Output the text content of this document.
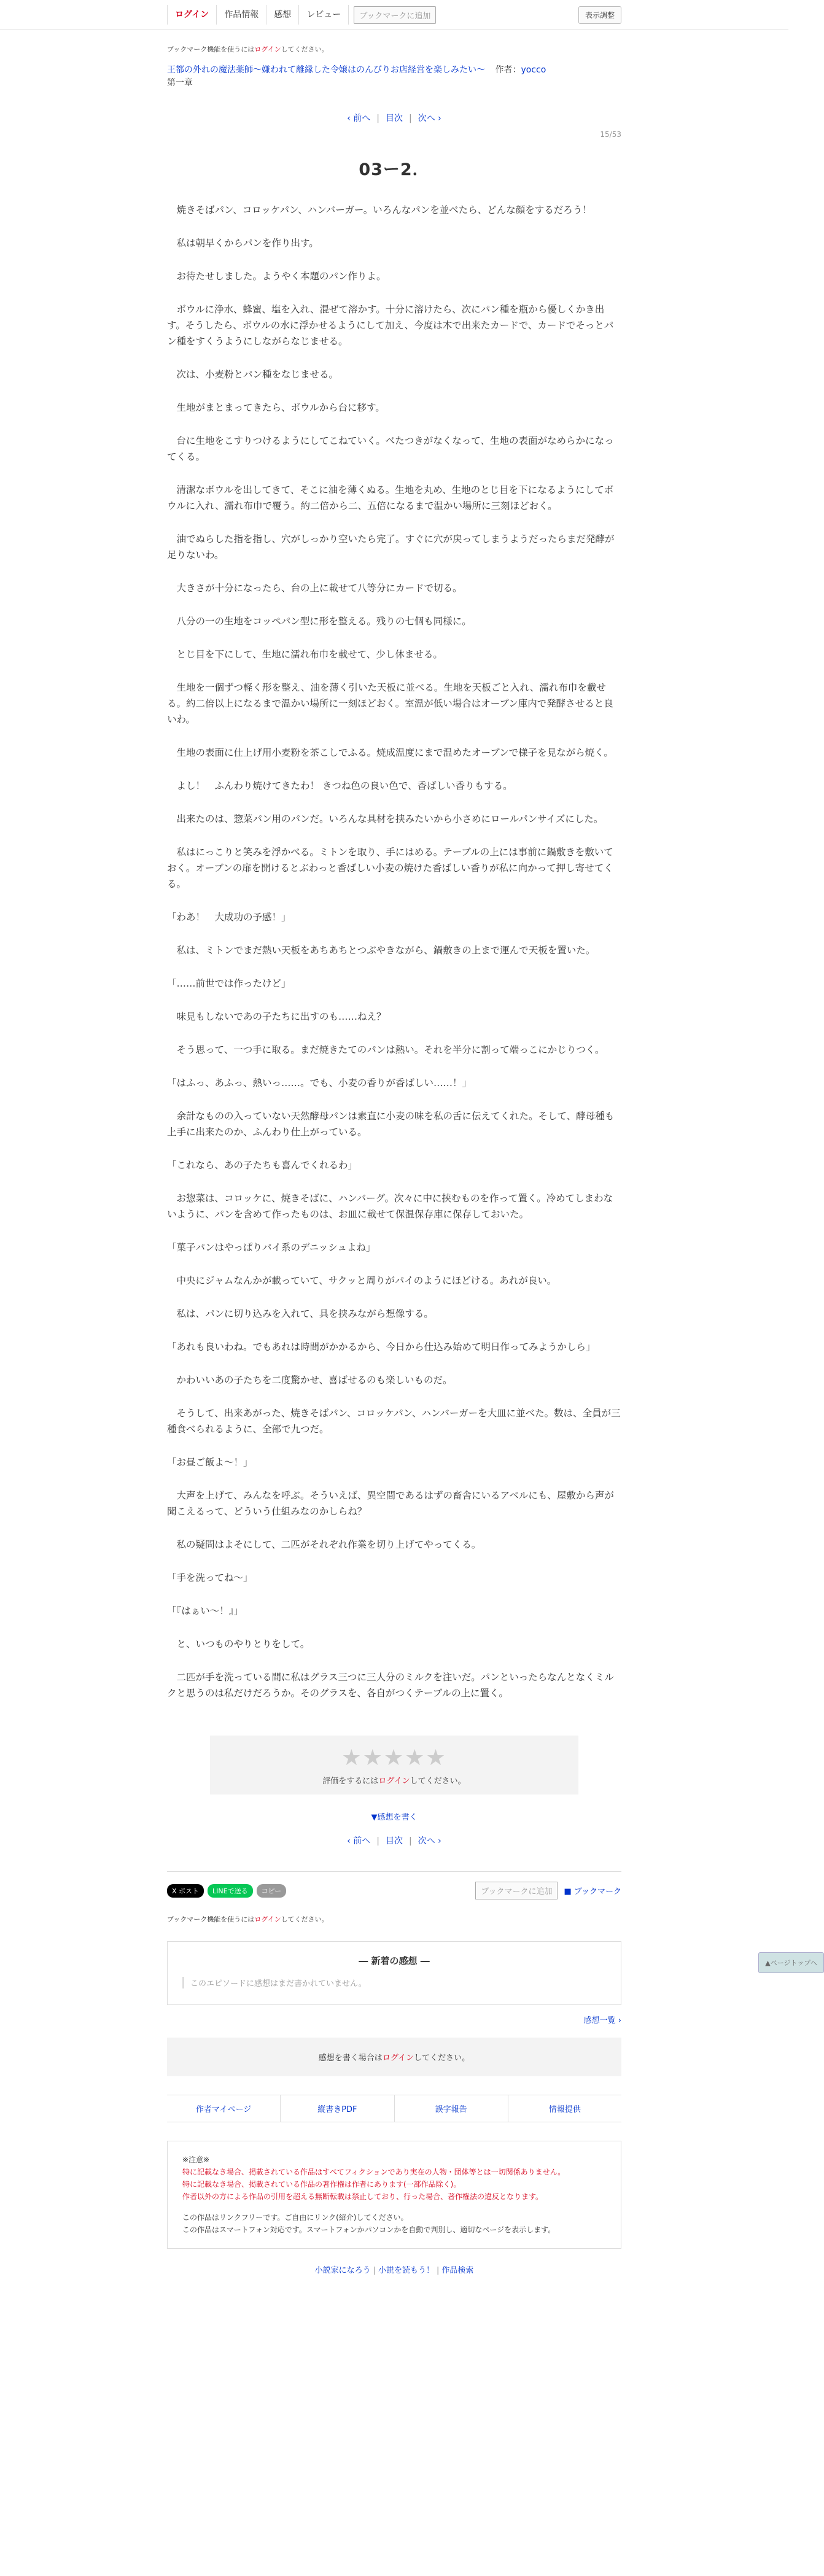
ログイン	作品情報	感想	レビュー	ブックマークに追加	表示調整
ブックマーク機能を使うにはログインしてください。
王都の外れの魔法薬師〜嫌われて離縁した令嬢はのんびりお店経営を楽しみたい〜 作者：yocco
第一章
‹ 前へ | 目次 | 次へ ›
15/53
03ー2．

　焼きそばパン、コロッケパン、ハンバーガー。いろんなパンを並べたら、どんな顔をするだろう！

　私は朝早くからパンを作り出す。

　お待たせしました。ようやく本題のパン作りよ。

　ボウルに浄水、蜂蜜、塩を入れ、混ぜて溶かす。十分に溶けたら、次にパン種を瓶から優しくかき出す。そうしたら、ボウルの水に浮かせるようにして加え、今度は木で出来たカードで、カードでそっとパン種をすくうようにしながらなじませる。

　次は、小麦粉とパン種をなじませる。

　生地がまとまってきたら、ボウルから台に移す。

　台に生地をこすりつけるようにしてこねていく。べたつきがなくなって、生地の表面がなめらかになってくる。

　清潔なボウルを出してきて、そこに油を薄くぬる。生地を丸め、生地のとじ目を下になるようにしてボウルに入れ、濡れ布巾で覆う。約二倍から二、五倍になるまで温かい場所に三刻ほどおく。

　油でぬらした指を指し、穴がしっかり空いたら完了。すぐに穴が戻ってしまうようだったらまだ発酵が足りないわ。

　大きさが十分になったら、台の上に載せて八等分にカードで切る。

　八分の一の生地をコッペパン型に形を整える。残りの七個も同様に。

　とじ目を下にして、生地に濡れ布巾を載せて、少し休ませる。

　生地を一個ずつ軽く形を整え、油を薄く引いた天板に並べる。生地を天板ごと入れ、濡れ布巾を載せる。約二倍以上になるまで温かい場所に一刻ほどおく。室温が低い場合はオーブン庫内で発酵させると良いわ。

　生地の表面に仕上げ用小麦粉を茶こしでふる。焼成温度にまで温めたオーブンで様子を見ながら焼く。

　よし！　ふんわり焼けてきたわ！ きつね色の良い色で、香ばしい香りもする。

　出来たのは、惣菜パン用のパンだ。いろんな具材を挟みたいから小さめにロールパンサイズにした。

　私はにっこりと笑みを浮かべる。ミトンを取り、手にはめる。テーブルの上には事前に鍋敷きを敷いておく。オーブンの扉を開けるとぶわっと香ばしい小麦の焼けた香ばしい香りが私に向かって押し寄せてくる。

「わあ！　大成功の予感！」

　私は、ミトンでまだ熱い天板をあちあちとつぶやきながら、鍋敷きの上まで運んで天板を置いた。

「……前世では作ったけど」

　味見もしないであの子たちに出すのも……ねえ？

　そう思って、一つ手に取る。まだ焼きたてのパンは熱い。それを半分に割って端っこにかじりつく。

「はふっ、あふっ、熱いっ……。でも、小麦の香りが香ばしい……！」

　余計なものの入っていない天然酵母パンは素直に小麦の味を私の舌に伝えてくれた。そして、酵母種も上手に出来たのか、ふんわり仕上がっている。

「これなら、あの子たちも喜んでくれるわ」

　お惣菜は、コロッケに、焼きそばに、ハンバーグ。次々に中に挟むものを作って置く。冷めてしまわないように、パンを含めて作ったものは、お皿に載せて保温保存庫に保存しておいた。

「菓子パンはやっぱりパイ系のデニッシュよね」

　中央にジャムなんかが載っていて、サクッと周りがパイのようにほどける。あれが良い。

　私は、パンに切り込みを入れて、具を挟みながら想像する。

「あれも良いわね。でもあれは時間がかかるから、今日から仕込み始めて明日作ってみようかしら」

　かわいいあの子たちを二度驚かせ、喜ばせるのも楽しいものだ。

　そうして、出来あがった、焼きそばパン、コロッケパン、ハンバーガーを大皿に並べた。数は、全員が三種食べられるように、全部で九つだ。

「お昼ご飯よ～！」

　大声を上げて、みんなを呼ぶ。そういえば、異空間であるはずの畜舎にいるアベルにも、屋敷から声が聞こえるって、どういう仕組みなのかしらね？

　私の疑問はよそにして、二匹がそれぞれ作業を切り上げてやってくる。

「手を洗ってね～」

「『はぁい～！』」

　と、いつものやりとりをして。

　二匹が手を洗っている間に私はグラス三つに三人分のミルクを注いだ。パンといったらなんとなくミルクと思うのは私だけだろうか。そのグラスを、各自がつくテーブルの上に置く。

★★★★★
評価をするにはログインしてください。
▼感想を書く
‹ 前へ | 目次 | 次へ ›
X ポスト	LINEで送る	コピー	ブックマークに追加	■ ブックマーク
ブックマーク機能を使うにはログインしてください。
▲ページトップへ
― 新着の感想 ―
このエピソードに感想はまだ書かれていません。
感想一覧 ›
感想を書く場合はログインしてください。
作者マイページ	縦書きPDF	誤字報告	情報提供
※注意※
特に記載なき場合、掲載されている作品はすべてフィクションであり実在の人物・団体等とは一切関係ありません。
特に記載なき場合、掲載されている作品の著作権は作者にあります(一部作品除く)。
作者以外の方による作品の引用を超える無断転載は禁止しており、行った場合、著作権法の違反となります。
この作品はリンクフリーです。ご自由にリンク(紹介)してください。
この作品はスマートフォン対応です。スマートフォンかパソコンかを自動で判別し、適切なページを表示します。
小説家になろう | 小説を読もう！ | 作品検索
